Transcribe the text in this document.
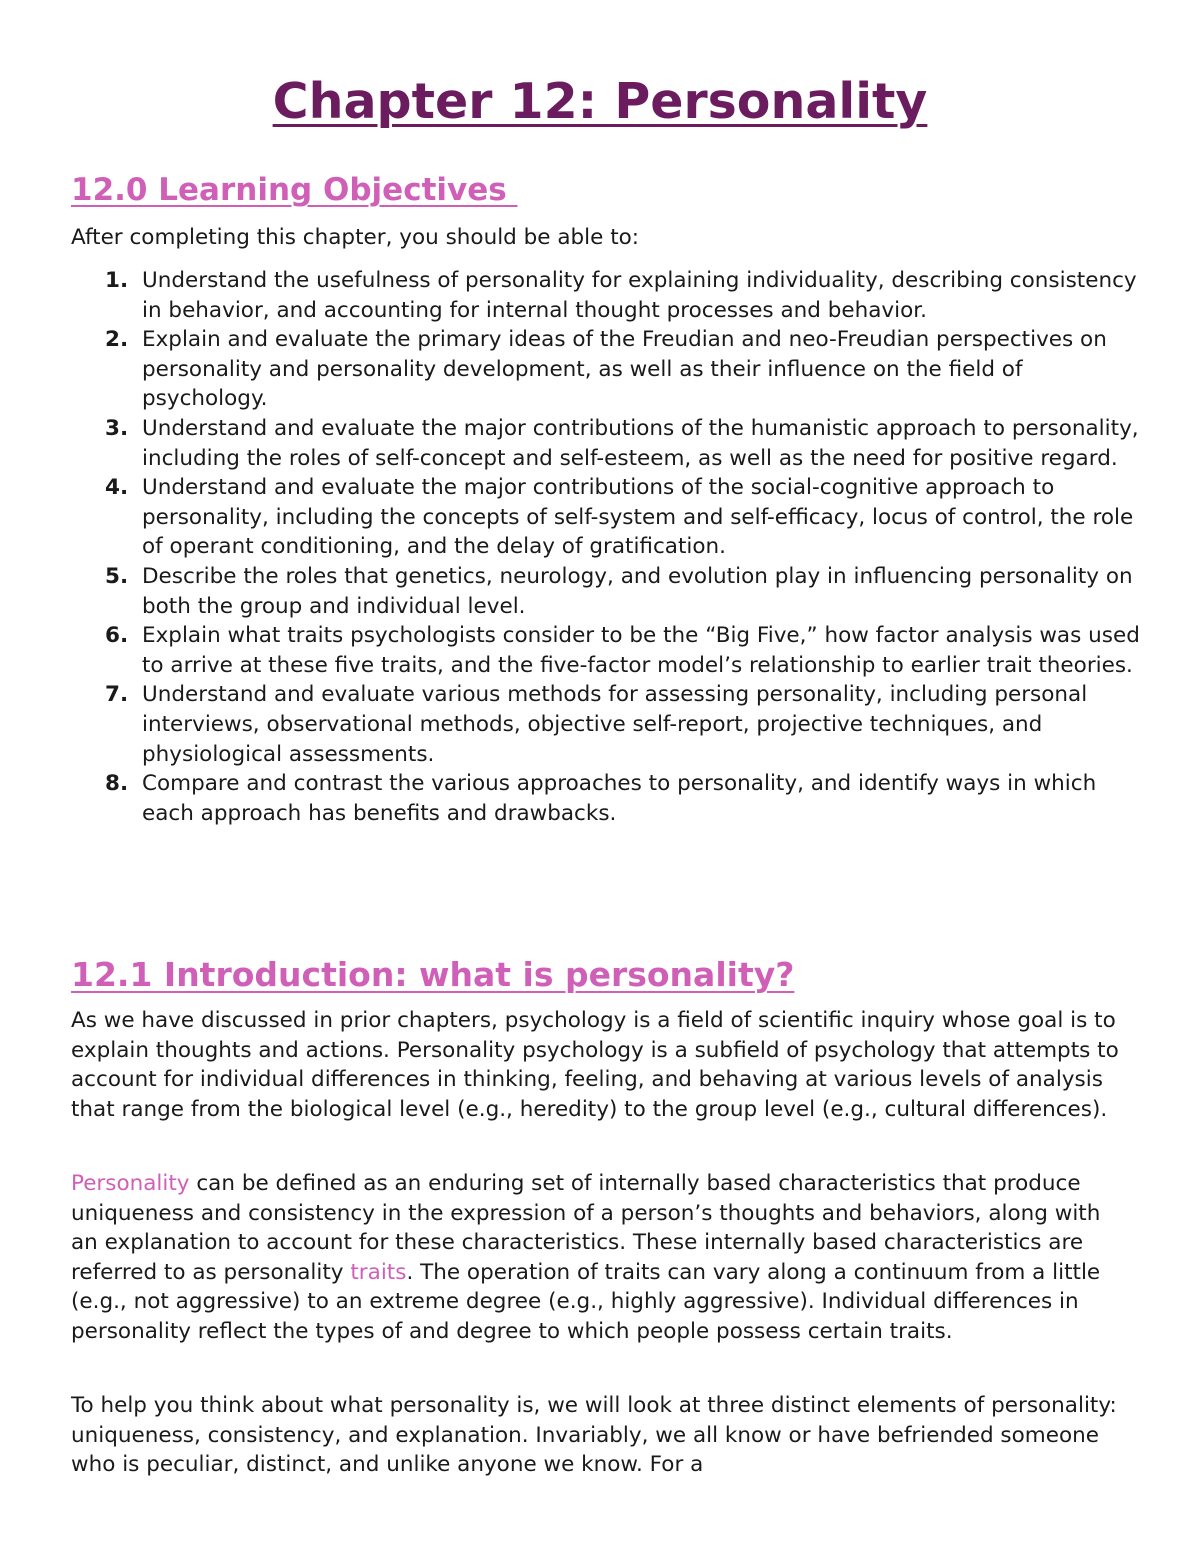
Chapter 12: Personality
12.0 Learning Objectives

After completing this chapter, you should be able to:

1. Understand the usefulness of personality for explaining individuality, describing consistency in behavior, and accounting for internal thought processes and behavior.
2. Explain and evaluate the primary ideas of the Freudian and neo-Freudian perspectives on personality and personality development, as well as their influence on the field of psychology.
3. Understand and evaluate the major contributions of the humanistic approach to personality, including the roles of self-concept and self-esteem, as well as the need for positive regard.
4. Understand and evaluate the major contributions of the social-cognitive approach to personality, including the concepts of self-system and self-efficacy, locus of control, the role of operant conditioning, and the delay of gratification.
5. Describe the roles that genetics, neurology, and evolution play in influencing personality on both the group and individual level.
6. Explain what traits psychologists consider to be the “Big Five,” how factor analysis was used to arrive at these five traits, and the five-factor model’s relationship to earlier trait theories.
7. Understand and evaluate various methods for assessing personality, including personal interviews, observational methods, objective self-report, projective techniques, and physiological assessments.
8. Compare and contrast the various approaches to personality, and identify ways in which each approach has benefits and drawbacks.
12.1 Introduction: what is personality?

As we have discussed in prior chapters, psychology is a field of scientific inquiry whose goal is to explain thoughts and actions. Personality psychology is a subfield of psychology that attempts to account for individual differences in thinking, feeling, and behaving at various levels of analysis that range from the biological level (e.g., heredity) to the group level (e.g., cultural differences).

Personality can be defined as an enduring set of internally based characteristics that produce uniqueness and consistency in the expression of a person’s thoughts and behaviors, along with an explanation to account for these characteristics. These internally based characteristics are referred to as personality traits. The operation of traits can vary along a continuum from a little (e.g., not aggressive) to an extreme degree (e.g., highly aggressive). Individual differences in personality reflect the types of and degree to which people possess certain traits.

To help you think about what personality is, we will look at three distinct elements of personality: uniqueness, consistency, and explanation. Invariably, we all know or have befriended someone who is peculiar, distinct, and unlike anyone we know. For a
